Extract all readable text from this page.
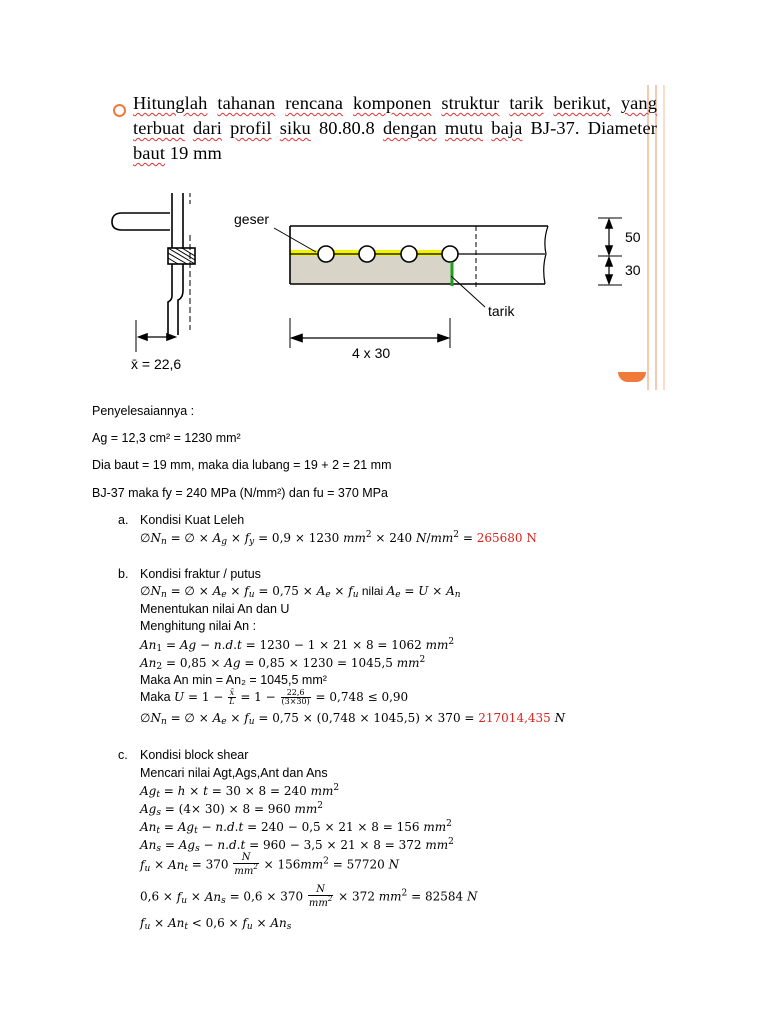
Hitunglah tahanan rencana komponen struktur tarik berikut, yang terbuat dari profil siku 80.80.8 dengan mutu baja BJ-37. Diameter baut 19 mm
x̄ = 22,6
geser
tarik
4 x 30
50
30
Penyelesaiannya :
Ag = 12,3 cm² = 1230 mm²
Dia baut = 19 mm, maka dia lubang = 19 + 2 = 21 mm
BJ-37 maka fy = 240 MPa (N/mm²) dan fu = 370 MPa
a. Kondisi Kuat Leleh
$\emptyset N_n$ = ∅ × $A_g \times f_y = 0,9 \times 1230$ $mm^2 \times 240$ $N/mm^2 = 265680$ N
b. Kondisi fraktur / putus
$\emptyset N_n$ = ∅ × $A_e \times f_u = 0,75 \times A_e \times f_u$ nilai $A_e = U \times A_n$
Menentukan nilai An dan U
Menghitung nilai An :
$An_1 = Ag - n.d.t = 1230 - 1 \times 21 \times 8 = 1062$ $mm^2$
$An_2 = 0,85 \times Ag = 0,85 \times 1230 = 1045,5$ $mm^2$
Maka An min = An₂ = 1045,5 mm²
Maka $U = 1 - \frac{x̄}{L} = 1 - \frac{22,6}{(3\times 30)} = 0,748 \le 0,90$
$\emptyset N_n$ = ∅ × $A_e \times f_u = 0,75 \times (0,748 \times 1045,5) \times 370 = 217014,435$ N
c. Kondisi block shear
Mencari nilai Agt,Ags,Ant dan Ans
$Ag_t = h \times t = 30 \times 8 = 240$ $mm^2$
$Ag_s = (4\times 30) \times 8 = 960$ $mm^2$
$An_t = Ag_t - n.d.t = 240 - 0,5 \times 21 \times 8 = 156$ $mm^2$
$An_s = Ag_s - n.d.t = 960 - 3,5 \times 21 \times 8 = 372$ $mm^2$
$f_u \times An_t = 370 \frac{N}{mm^2} \times 156mm^2 = 57720$ N
$0,6 \times f_u \times An_s = 0,6 \times 370 \frac{N}{mm^2} \times 372$ $mm^2 = 82584$ N
$f_u \times An_t < 0,6 \times f_u \times An_s$
